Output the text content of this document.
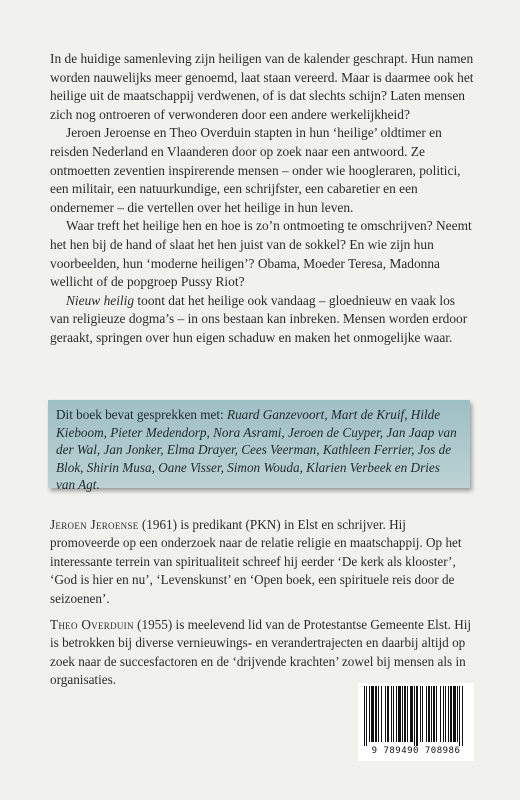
In de huidige samenleving zijn heiligen van de kalender geschrapt. Hun namen worden nauwelijks meer genoemd, laat staan vereerd. Maar is daarmee ook het heilige uit de maatschappij verdwenen, of is dat slechts schijn? Laten mensen zich nog ontroeren of verwonderen door een andere werkelijkheid?

Jeroen Jeroense en Theo Overduin stapten in hun ‘heilige’ oldtimer en reisden Nederland en Vlaanderen door op zoek naar een antwoord. Ze ontmoetten zeventien inspirerende mensen – onder wie hoogleraren, politici, een militair, een natuurkundige, een schrijfster, een cabaretier en een ondernemer – die vertellen over het heilige in hun leven.

Waar treft het heilige hen en hoe is zo’n ontmoeting te omschrijven? Neemt het hen bij de hand of slaat het hen juist van de sokkel? En wie zijn hun voorbeelden, hun ‘moderne heiligen’? Obama, Moeder Teresa, Madonna wellicht of de popgroep Pussy Riot?

Nieuw heilig toont dat het heilige ook vandaag – gloednieuw en vaak los van religieuze dogma’s – in ons bestaan kan inbreken. Mensen worden erdoor geraakt, springen over hun eigen schaduw en maken het onmogelijke waar.

Dit boek bevat gesprekken met: Ruard Ganzevoort, Mart de Kruif, Hilde Kieboom, Pieter Medendorp, Nora Asrami, Jeroen de Cuyper, Jan Jaap van der Wal, Jan Jonker, Elma Drayer, Cees Veerman, Kathleen Ferrier, Jos de Blok, Shirin Musa, Oane Visser, Simon Wouda, Klarien Verbeek en Dries van Agt.
Jeroen Jeroense (1961) is predikant (PKN) in Elst en schrijver. Hij promoveerde op een onderzoek naar de relatie religie en maatschappij. Op het interessante terrein van spiritualiteit schreef hij eerder ‘De kerk als klooster’, ‘God is hier en nu’, ‘Levenskunst’ en ‘Open boek, een spirituele reis door de seizoenen’.
Theo Overduin (1955) is meelevend lid van de Protestantse Gemeente Elst. Hij is betrokken bij diverse vernieuwings- en verandertrajecten en daarbij altijd op zoek naar de succesfactoren en de ‘drijvende krachten’ zowel bij mensen als in organisaties.
9 789490 708986
